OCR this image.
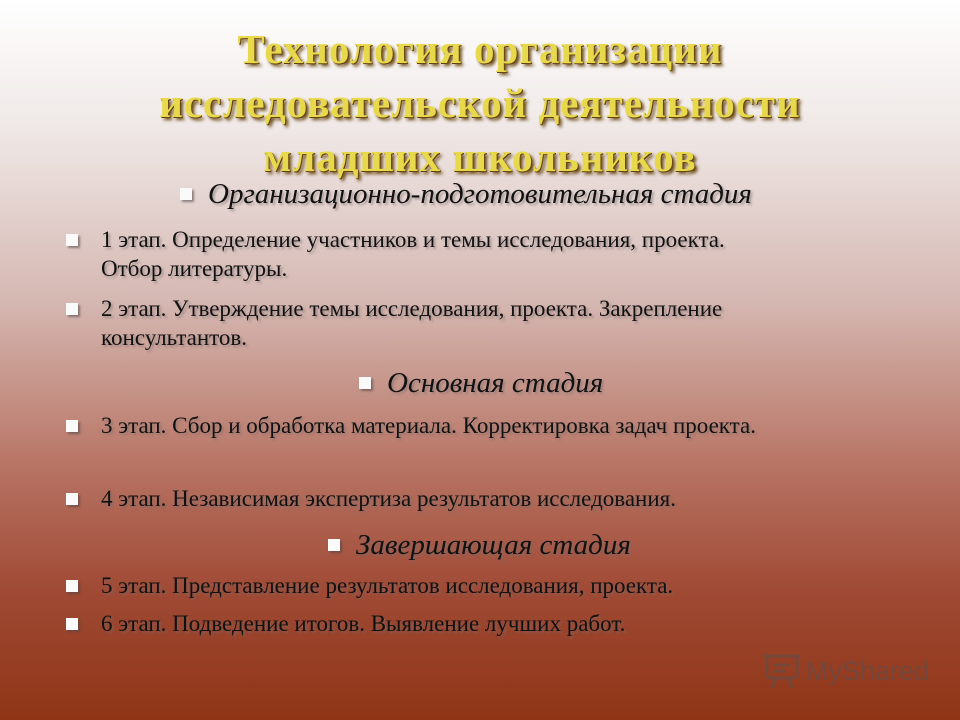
Технология организации
исследовательской деятельности
младших школьников
Организационно-подготовительная стадия
1 этап. Определение участников и темы исследования, проекта. Отбор литературы.
2 этап. Утверждение темы исследования, проекта. Закрепление консультантов.
Основная стадия
3 этап. Сбор и обработка материала. Корректировка задач проекта.
4 этап. Независимая экспертиза результатов исследования.
Завершающая стадия
5 этап. Представление результатов исследования, проекта.
6 этап. Подведение итогов. Выявление лучших работ.
MyShared
